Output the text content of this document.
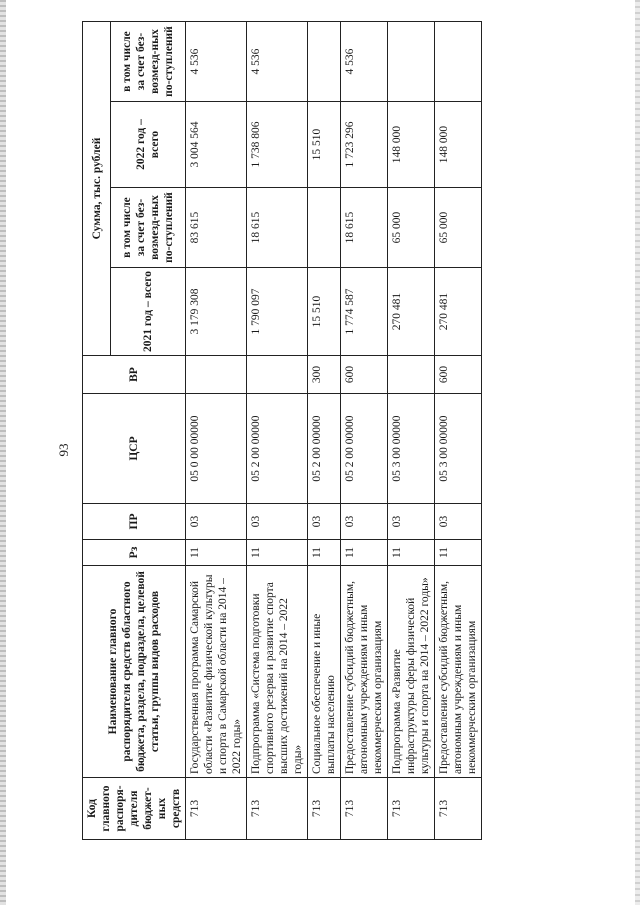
93
Код главного распоря-дителя бюджет-ных средств	Наименование главного распорядителя средств областного бюджета, раздела, подраздела, целевой статьи, группы видов расходов	Рз	ПР	ЦСР	ВР	Сумма, тыс. рублей			
						2021 год – всего	в том числе за счет без-возмезд-ных по-ступлений	2022 год – всего	в том числе за счет без-возмезд-ных по-ступлений
713	Государственная программа Самарской области «Развитие физической культуры и спорта в Самарской области на 2014 – 2022 годы»	11	03	05 0 00 00000		3 179 308	83 615	3 004 564	4 536
713	Подпрограмма «Система подготовки спортивного резерва и развитие спорта высших достижений на 2014 – 2022 годы»	11	03	05 2 00 00000		1 790 097	18 615	1 738 806	4 536
713	Социальное обеспечение и иные выплаты населению	11	03	05 2 00 00000	300	15 510		15 510	
713	Предоставление субсидий бюджетным, автономным учреждениям и иным некоммерческим организациям	11	03	05 2 00 00000	600	1 774 587	18 615	1 723 296	4 536
713	Подпрограмма «Развитие инфраструктуры сферы физической культуры и спорта на 2014 – 2022 годы»	11	03	05 3 00 00000		270 481	65 000	148 000	
713	Предоставление субсидий бюджетным, автономным учреждениям и иным некоммерческим организациям	11	03	05 3 00 00000	600	270 481	65 000	148 000	
